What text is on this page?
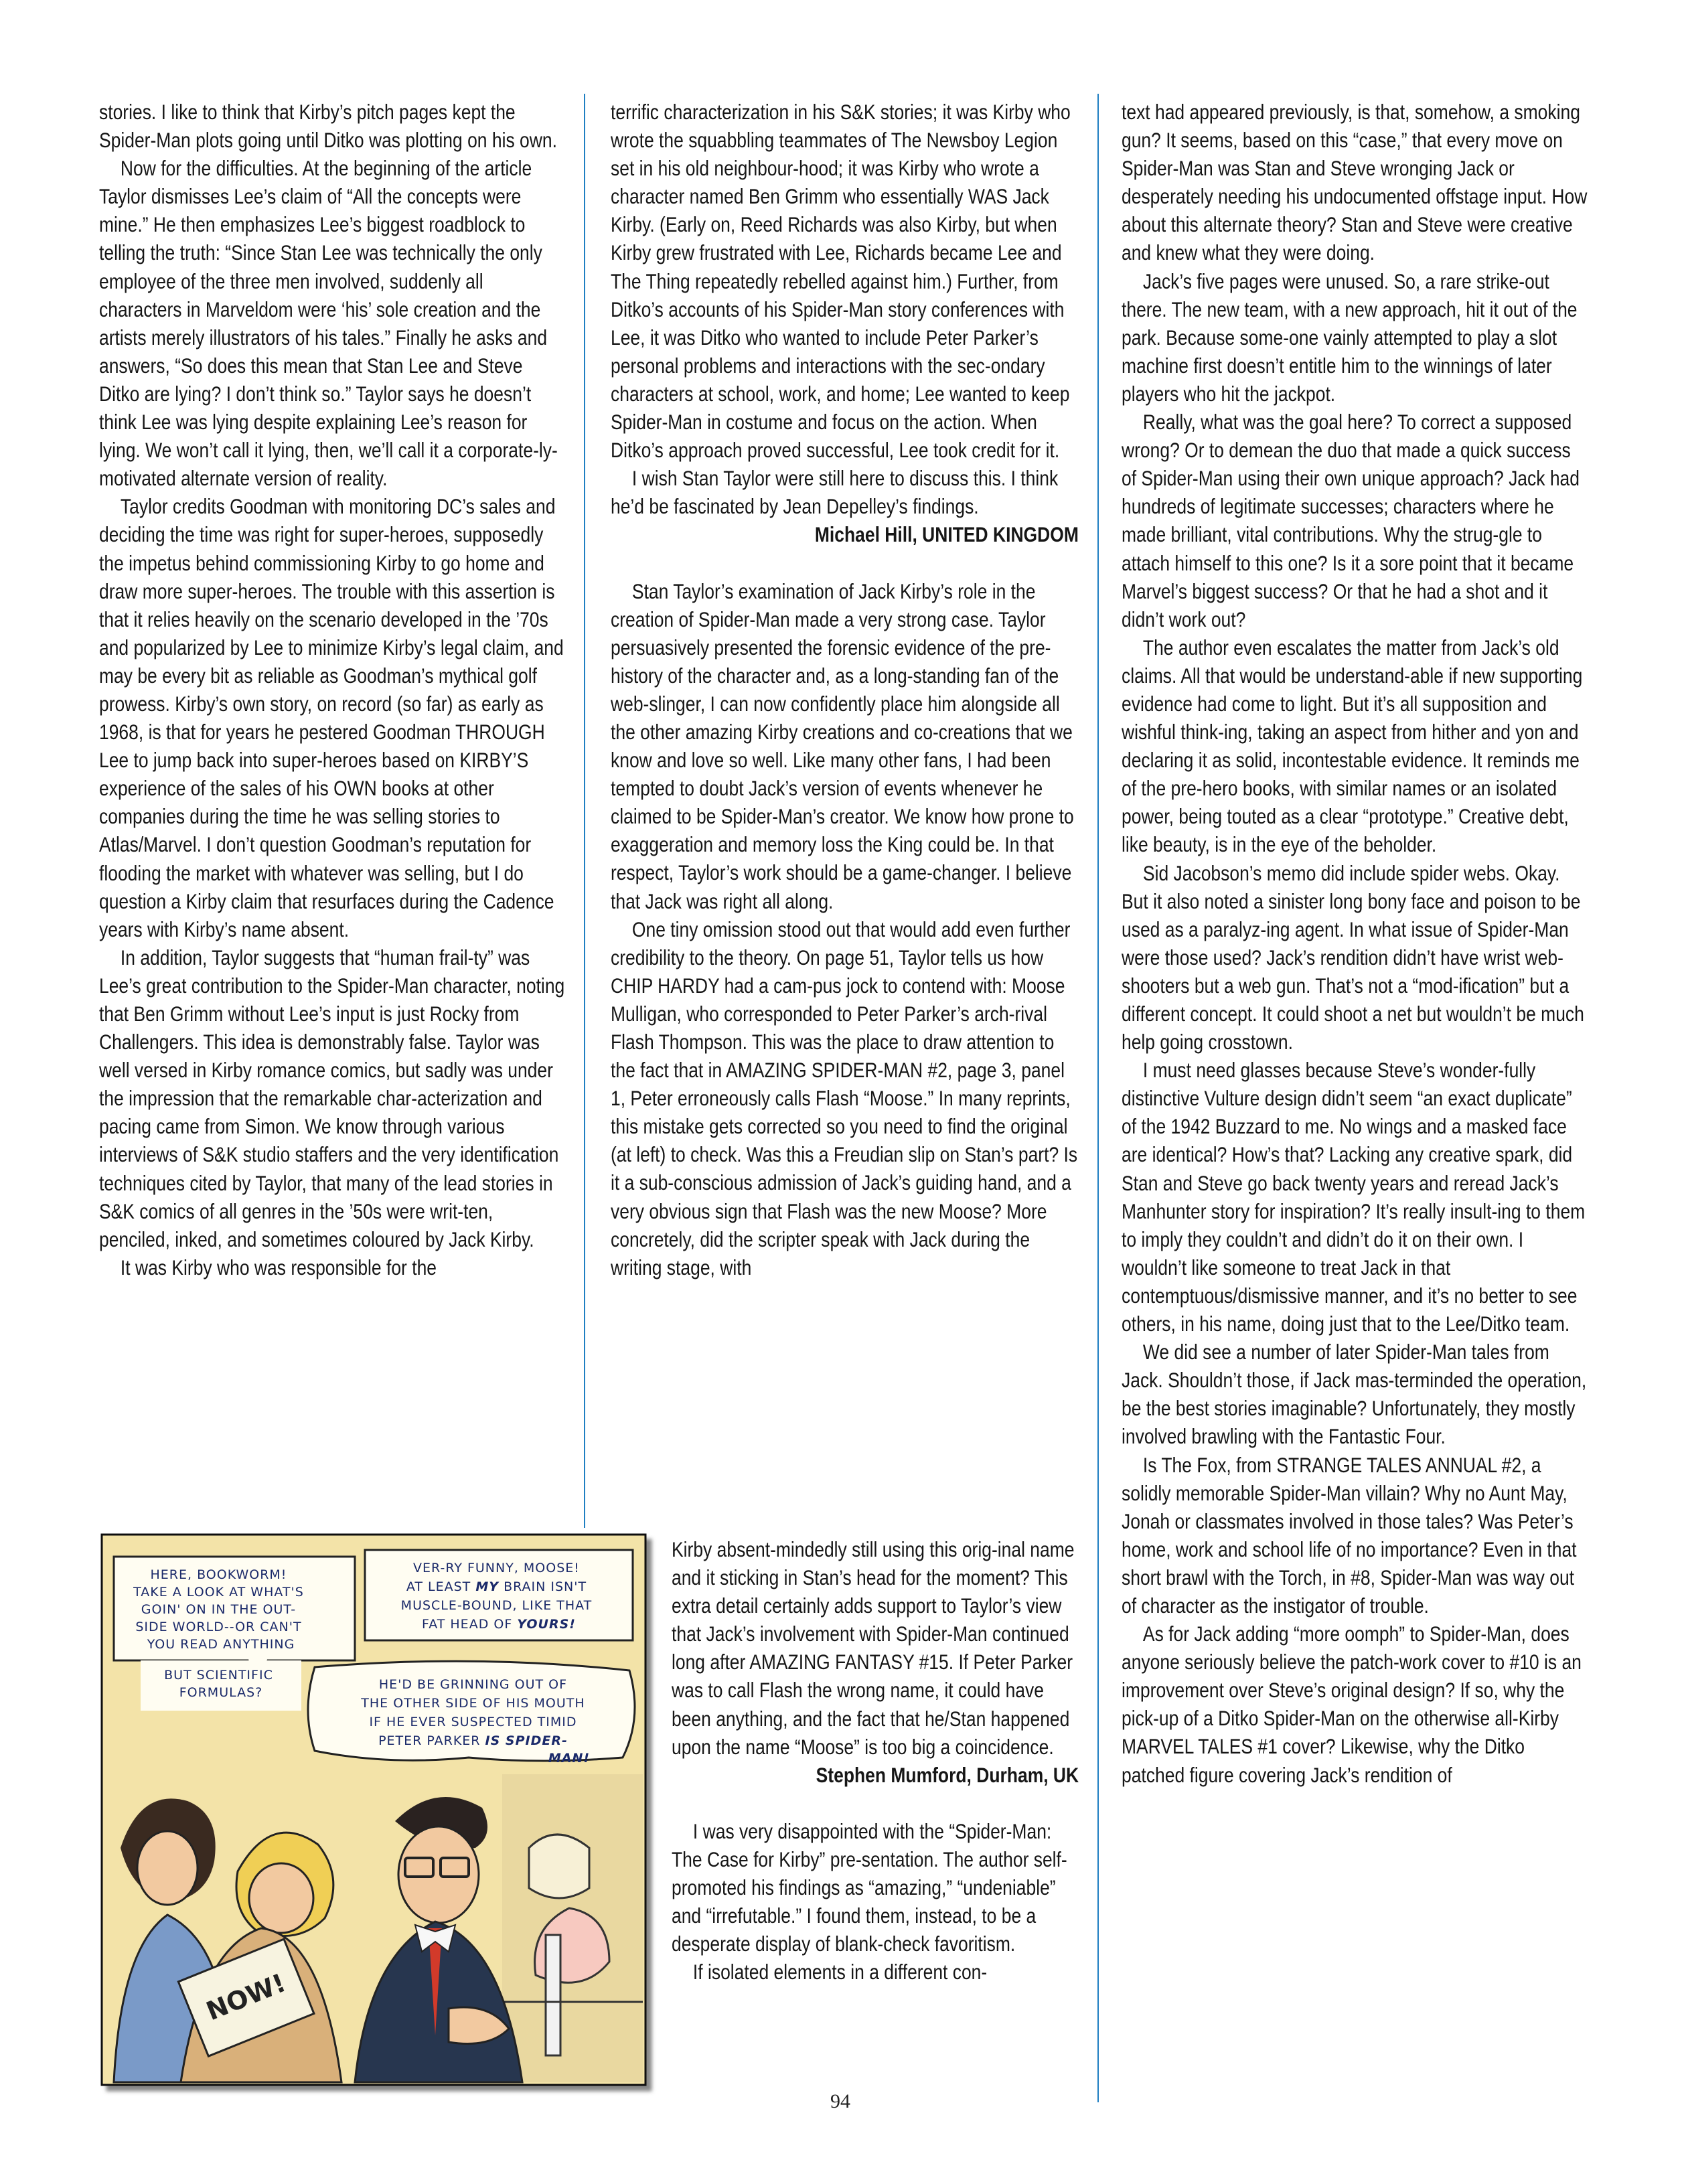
stories. I like to think that Kirby’s pitch pages kept the Spider-Man plots going until Ditko was plotting on his own.

Now for the difficulties. At the beginning of the article Taylor dismisses Lee’s claim of “All the concepts were mine.” He then emphasizes Lee’s biggest roadblock to telling the truth: “Since Stan Lee was technically the only employee of the three men involved, suddenly all characters in Marveldom were ‘his’ sole creation and the artists merely illustrators of his tales.” Finally he asks and answers, “So does this mean that Stan Lee and Steve Ditko are lying? I don’t think so.” Taylor says he doesn’t think Lee was lying despite explaining Lee’s reason for lying. We won’t call it lying, then, we’ll call it a corporate-ly-motivated alternate version of reality.

Taylor credits Goodman with monitoring DC’s sales and deciding the time was right for super-heroes, supposedly the impetus behind commissioning Kirby to go home and draw more super-heroes. The trouble with this assertion is that it relies heavily on the scenario developed in the ’70s and popularized by Lee to minimize Kirby’s legal claim, and may be every bit as reliable as Goodman’s mythical golf prowess. Kirby’s own story, on record (so far) as early as 1968, is that for years he pestered Goodman THROUGH Lee to jump back into super-heroes based on KIRBY’S experience of the sales of his OWN books at other companies during the time he was selling stories to Atlas/Marvel. I don’t question Goodman’s reputation for flooding the market with whatever was selling, but I do question a Kirby claim that resurfaces during the Cadence years with Kirby’s name absent.

In addition, Taylor suggests that “human frail-ty” was Lee’s great contribution to the Spider-Man character, noting that Ben Grimm without Lee’s input is just Rocky from Challengers. This idea is demonstrably false. Taylor was well versed in Kirby romance comics, but sadly was under the impression that the remarkable char-acterization and pacing came from Simon. We know through various interviews of S&K studio staffers and the very identification techniques cited by Taylor, that many of the lead stories in S&K comics of all genres in the ’50s were writ-ten, penciled, inked, and sometimes coloured by Jack Kirby.

It was Kirby who was responsible for the

terrific characterization in his S&K stories; it was Kirby who wrote the squabbling teammates of The Newsboy Legion set in his old neighbour-hood; it was Kirby who wrote a character named Ben Grimm who essentially WAS Jack Kirby. (Early on, Reed Richards was also Kirby, but when Kirby grew frustrated with Lee, Richards became Lee and The Thing repeatedly rebelled against him.) Further, from Ditko’s accounts of his Spider-Man story conferences with Lee, it was Ditko who wanted to include Peter Parker’s personal problems and interactions with the sec-ondary characters at school, work, and home; Lee wanted to keep Spider-Man in costume and focus on the action. When Ditko’s approach proved successful, Lee took credit for it.

I wish Stan Taylor were still here to discuss this. I think he’d be fascinated by Jean Depelley’s findings.

Michael Hill, UNITED KINGDOM

Stan Taylor’s examination of Jack Kirby’s role in the creation of Spider-Man made a very strong case. Taylor persuasively presented the forensic evidence of the pre-history of the character and, as a long-standing fan of the web-slinger, I can now confidently place him alongside all the other amazing Kirby creations and co-creations that we know and love so well. Like many other fans, I had been tempted to doubt Jack’s version of events whenever he claimed to be Spider-Man’s creator. We know how prone to exaggeration and memory loss the King could be. In that respect, Taylor’s work should be a game-changer. I believe that Jack was right all along.

One tiny omission stood out that would add even further credibility to the theory. On page 51, Taylor tells us how CHIP HARDY had a cam-pus jock to contend with: Moose Mulligan, who corresponded to Peter Parker’s arch-rival Flash Thompson. This was the place to draw attention to the fact that in AMAZING SPIDER-MAN #2, page 3, panel 1, Peter erroneously calls Flash “Moose.” In many reprints, this mistake gets corrected so you need to find the original (at left) to check. Was this a Freudian slip on Stan’s part? Is it a sub-conscious admission of Jack’s guiding hand, and a very obvious sign that Flash was the new Moose? More concretely, did the scripter speak with Jack during the writing stage, with

Kirby absent-mindedly still using this orig-inal name and it sticking in Stan’s head for the moment? This extra detail certainly adds support to Taylor’s view that Jack’s involvement with Spider-Man continued long after AMAZING FANTASY #15. If Peter Parker was to call Flash the wrong name, it could have been anything, and the fact that he/Stan happened upon the name “Moose” is too big a coincidence.

Stephen Mumford, Durham, UK

I was very disappointed with the “Spider-Man: The Case for Kirby” pre-sentation. The author self-promoted his findings as “amazing,” “undeniable” and “irrefutable.” I found them, instead, to be a desperate display of blank-check favoritism.

If isolated elements in a different con-

text had appeared previously, is that, somehow, a smoking gun? It seems, based on this “case,” that every move on Spider-Man was Stan and Steve wronging Jack or desperately needing his undocumented offstage input. How about this alternate theory? Stan and Steve were creative and knew what they were doing.

Jack’s five pages were unused. So, a rare strike-out there. The new team, with a new approach, hit it out of the park. Because some-one vainly attempted to play a slot machine first doesn’t entitle him to the winnings of later players who hit the jackpot.

Really, what was the goal here? To correct a supposed wrong? Or to demean the duo that made a quick success of Spider-Man using their own unique approach? Jack had hundreds of legitimate successes; characters where he made brilliant, vital contributions. Why the strug-gle to attach himself to this one? Is it a sore point that it became Marvel’s biggest success? Or that he had a shot and it didn’t work out?

The author even escalates the matter from Jack’s old claims. All that would be understand-able if new supporting evidence had come to light. But it’s all supposition and wishful think-ing, taking an aspect from hither and yon and declaring it as solid, incontestable evidence. It reminds me of the pre-hero books, with similar names or an isolated power, being touted as a clear “prototype.” Creative debt, like beauty, is in the eye of the beholder.

Sid Jacobson’s memo did include spider webs. Okay. But it also noted a sinister long bony face and poison to be used as a paralyz-ing agent. In what issue of Spider-Man were those used? Jack’s rendition didn’t have wrist web-shooters but a web gun. That’s not a “mod-ification” but a different concept. It could shoot a net but wouldn’t be much help going crosstown.

I must need glasses because Steve’s wonder-fully distinctive Vulture design didn’t seem “an exact duplicate” of the 1942 Buzzard to me. No wings and a masked face are identical? How’s that? Lacking any creative spark, did Stan and Steve go back twenty years and reread Jack’s Manhunter story for inspiration? It’s really insult-ing to them to imply they couldn’t and didn’t do it on their own. I wouldn’t like someone to treat Jack in that contemptuous/dismissive manner, and it’s no better to see others, in his name, doing just that to the Lee/Ditko team.

We did see a number of later Spider-Man tales from Jack. Shouldn’t those, if Jack mas-terminded the operation, be the best stories imaginable? Unfortunately, they mostly involved brawling with the Fantastic Four.

Is The Fox, from STRANGE TALES ANNUAL #2, a solidly memorable Spider-Man villain? Why no Aunt May, Jonah or classmates involved in those tales? Was Peter’s home, work and school life of no importance? Even in that short brawl with the Torch, in #8, Spider-Man was way out of character as the instigator of trouble.

As for Jack adding “more oomph” to Spider-Man, does anyone seriously believe the patch-work cover to #10 is an improvement over Steve’s original design? If so, why the pick-up of a Ditko Spider-Man on the otherwise all-Kirby MARVEL TALES #1 cover? Likewise, why the Ditko patched figure covering Jack’s rendition of

HERE, BOOKWORM! TAKE A LOOK AT WHAT'S GOIN' ON IN THE OUT- SIDE WORLD--OR CAN'T YOU READ ANYTHING
BUT SCIENTIFIC FORMULAS?
VER-RY FUNNY, MOOSE! AT LEAST MY BRAIN ISN'T MUSCLE-BOUND, LIKE THAT FAT HEAD OF YOURS!
HE'D BE GRINNING OUT OF THE OTHER SIDE OF HIS MOUTH IF HE EVER SUSPECTED TIMID PETER PARKER IS SPIDER- MAN!
NOW!
94
